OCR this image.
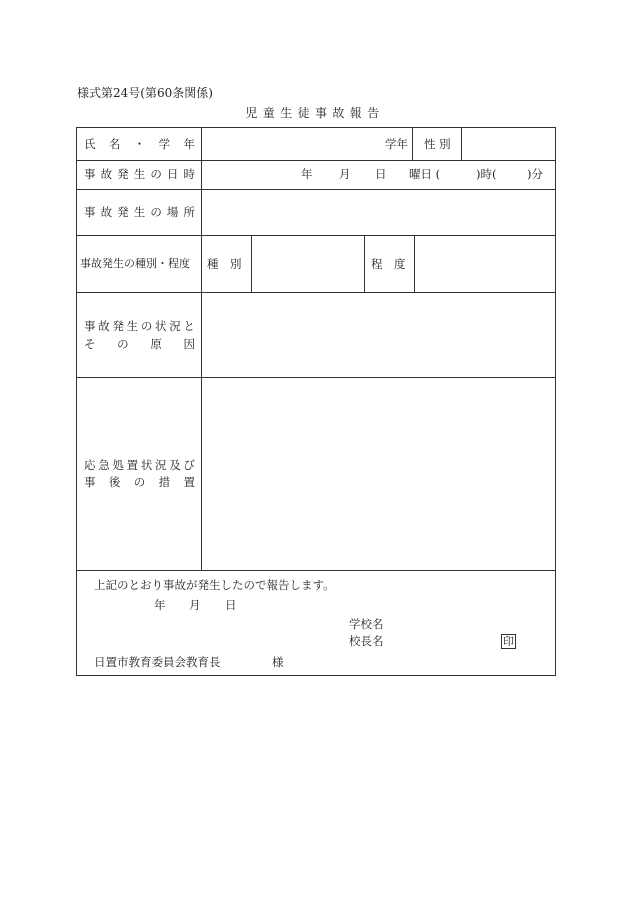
様式第24号(第60条関係)
児童生徒事故報告
氏 名 ・ 学 年	学年 性 別
事 故 発 生 の 日 時	年 月 日 曜日 (	)時(	)分
事 故 発 生 の 場 所
事故発生の種別・程度 種　別	程　度
事 故 発 生 の 状 況 と
そ の 原 因
応 急 処 置 状 況 及 び
事 後 の 措 置
上記のとおり事故が発生したので報告します。
年 月 日
学校名
校長名	印
日置市教育委員会教育長	様
